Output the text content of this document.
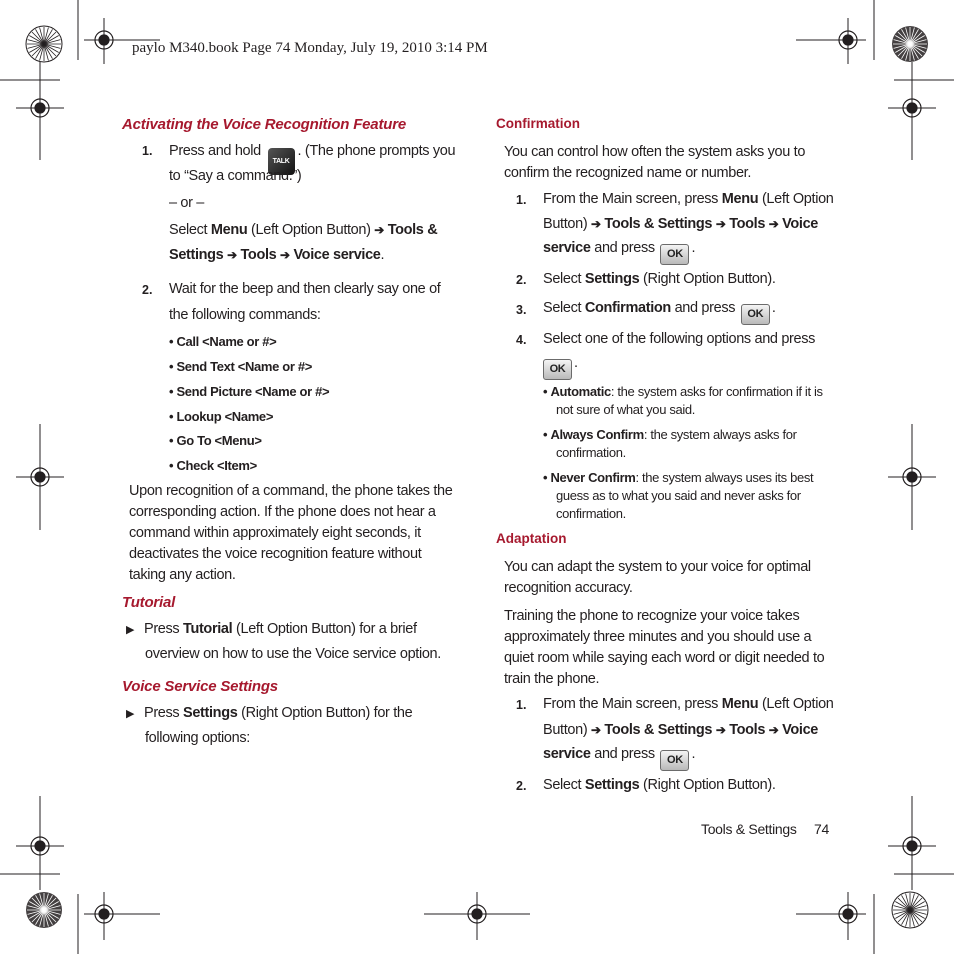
paylo M340.book Page 74 Monday, July 19, 2010 3:14 PM
Activating the Voice Recognition Feature
1. Press and hold TALK. (The phone prompts you
to “Say a command.”)
– or –
Select Menu (Left Option Button) ➔ Tools &
Settings ➔ Tools ➔ Voice service.
2. Wait for the beep and then clearly say one of
the following commands:
• Call <Name or #>
• Send Text <Name or #>
• Send Picture <Name or #>
• Lookup <Name>
• Go To <Menu>
• Check <Item>
Upon recognition of a command, the phone takes the
corresponding action. If the phone does not hear a
command within approximately eight seconds, it
deactivates the voice recognition feature without
taking any action.
Tutorial
▶ Press Tutorial (Left Option Button) for a brief
overview on how to use the Voice service option.
Voice Service Settings
▶ Press Settings (Right Option Button) for the
following options:
Confirmation
You can control how often the system asks you to
confirm the recognized name or number.
1. From the Main screen, press Menu (Left Option
Button) ➔ Tools & Settings ➔ Tools ➔ Voice
service and press OK .
2. Select Settings (Right Option Button).
3. Select Confirmation and press OK .
4. Select one of the following options and press
OK .
• Automatic: the system asks for confirmation if it is
not sure of what you said.
• Always Confirm: the system always asks for
confirmation.
• Never Confirm: the system always uses its best
guess as to what you said and never asks for
confirmation.
Adaptation
You can adapt the system to your voice for optimal
recognition accuracy.
Training the phone to recognize your voice takes
approximately three minutes and you should use a
quiet room while saying each word or digit needed to
train the phone.
1. From the Main screen, press Menu (Left Option
Button) ➔ Tools & Settings ➔ Tools ➔ Voice
service and press OK .
2. Select Settings (Right Option Button).
Tools & Settings 74
